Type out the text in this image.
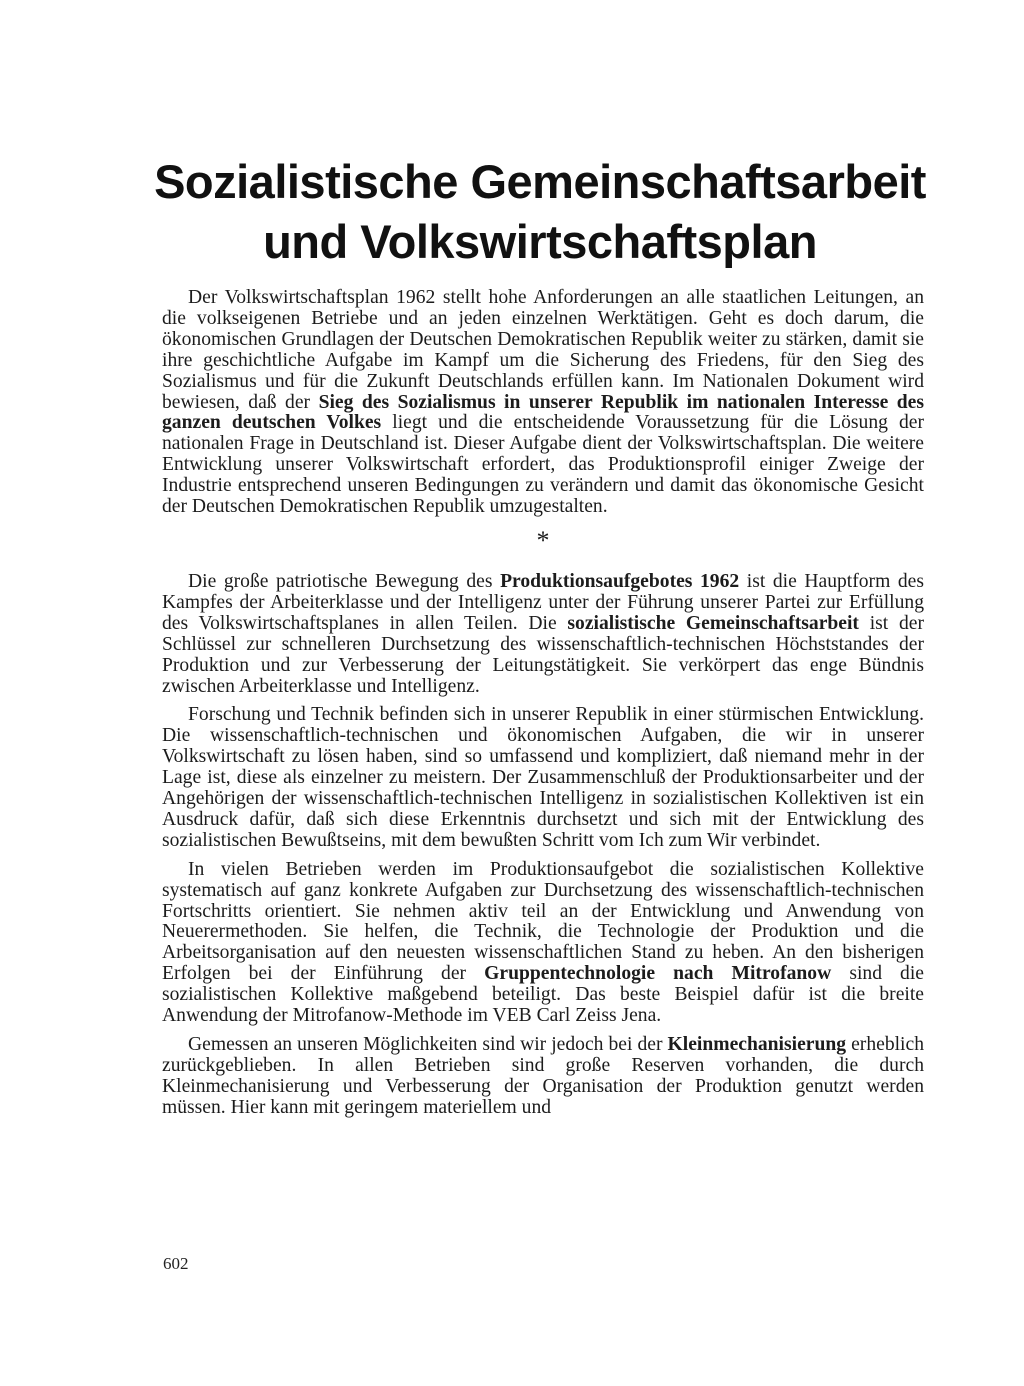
Sozialistische Gemeinschaftsarbeit
und Volkswirtschaftsplan

Der Volkswirtschaftsplan 1962 stellt hohe Anforderungen an alle staatlichen Leitungen, an die volkseigenen Betriebe und an jeden einzelnen Werktätigen. Geht es doch darum, die ökonomischen Grundlagen der Deutschen Demokratischen Republik weiter zu stärken, damit sie ihre geschichtliche Aufgabe im Kampf um die Sicherung des Friedens, für den Sieg des Sozialismus und für die Zukunft Deutschlands erfüllen kann. Im Nationalen Dokument wird bewiesen, daß der Sieg des Sozialismus in unserer Republik im nationalen Interesse des ganzen deutschen Volkes liegt und die entscheidende Voraussetzung für die Lösung der nationalen Frage in Deutschland ist. Dieser Aufgabe dient der Volkswirtschaftsplan. Die weitere Entwicklung unserer Volkswirtschaft erfordert, das Produktionsprofil einiger Zweige der Industrie entsprechend unseren Bedingungen zu verändern und damit das ökonomische Gesicht der Deutschen Demokratischen Republik umzugestalten.

*

Die große patriotische Bewegung des Produktionsaufgebotes 1962 ist die Hauptform des Kampfes der Arbeiterklasse und der Intelligenz unter der Führung unserer Partei zur Erfüllung des Volkswirtschaftsplanes in allen Teilen. Die sozialistische Gemeinschaftsarbeit ist der Schlüssel zur schnelleren Durchsetzung des wissenschaftlich-technischen Höchststandes der Produktion und zur Verbesserung der Leitungstätigkeit. Sie verkörpert das enge Bündnis zwischen Arbeiterklasse und Intelligenz.

Forschung und Technik befinden sich in unserer Republik in einer stürmischen Entwicklung. Die wissenschaftlich-technischen und ökonomischen Aufgaben, die wir in unserer Volkswirtschaft zu lösen haben, sind so umfassend und kompliziert, daß niemand mehr in der Lage ist, diese als einzelner zu meistern. Der Zusammenschluß der Produktionsarbeiter und der Angehörigen der wissenschaftlich-technischen Intelligenz in sozialistischen Kollektiven ist ein Ausdruck dafür, daß sich diese Erkenntnis durchsetzt und sich mit der Entwicklung des sozialistischen Bewußtseins, mit dem bewußten Schritt vom Ich zum Wir verbindet.

In vielen Betrieben werden im Produktionsaufgebot die sozialistischen Kollektive systematisch auf ganz konkrete Aufgaben zur Durchsetzung des wissenschaftlich-technischen Fortschritts orientiert. Sie nehmen aktiv teil an der Entwicklung und Anwendung von Neuerermethoden. Sie helfen, die Technik, die Technologie der Produktion und die Arbeitsorganisation auf den neuesten wissenschaftlichen Stand zu heben. An den bisherigen Erfolgen bei der Einführung der Gruppentechnologie nach Mitrofanow sind die sozialistischen Kollektive maßgebend beteiligt. Das beste Beispiel dafür ist die breite Anwendung der Mitrofanow-Methode im VEB Carl Zeiss Jena.

Gemessen an unseren Möglichkeiten sind wir jedoch bei der Kleinmechanisierung erheblich zurückgeblieben. In allen Betrieben sind große Reserven vorhanden, die durch Kleinmechanisierung und Verbesserung der Organisation der Produktion genutzt werden müssen. Hier kann mit geringem materiellem und

602
